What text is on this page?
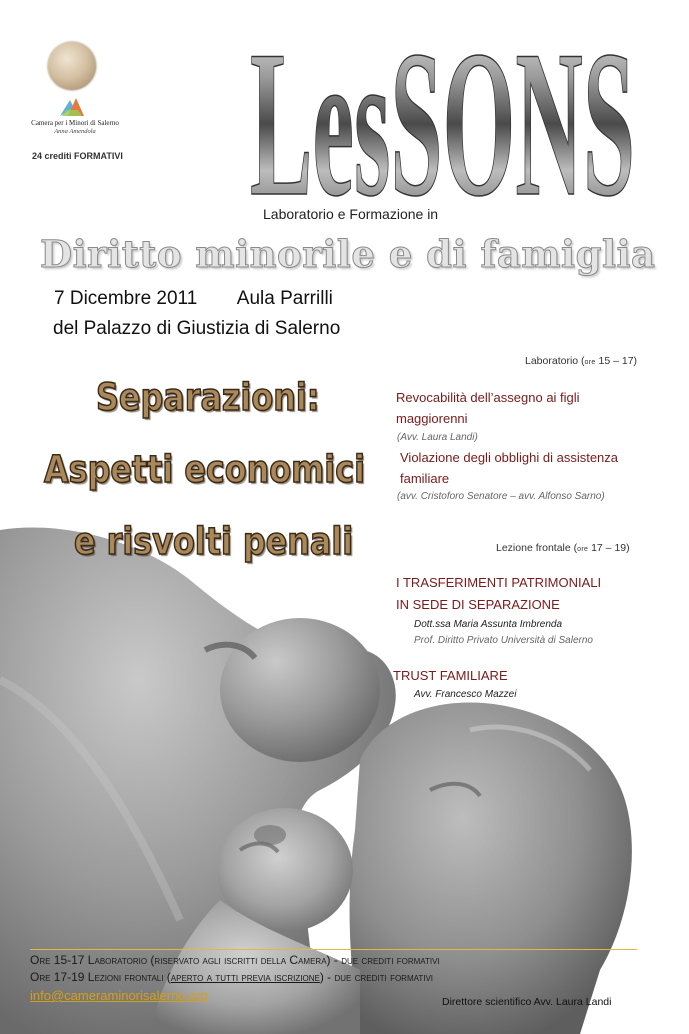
Camera per i Minori di Salerno
Anna Amendola
24 crediti FORMATIVI LesSONS
Laboratorio e Formazione in
Diritto minorile e di famiglia
7 Dicembre 2011 Aula Parrilli
del Palazzo di Giustizia di Salerno
Separazioni:
Aspetti economici
e risvolti penali
Laboratorio (ore 15 – 17)
Revocabilità dell’assegno ai figli
maggiorenni
(Avv. Laura Landi)
Violazione degli obblighi di assistenza
familiare
(avv. Cristoforo Senatore – avv. Alfonso Sarno)
Lezione frontale (ore 17 – 19)
I TRASFERIMENTI PATRIMONIALI
IN SEDE DI SEPARAZIONE
Dott.ssa Maria Assunta Imbrenda
Prof. Diritto Privato Università di Salerno
TRUST FAMILIARE
Avv. Francesco Mazzei
Ore 15-17 Laboratorio (riservato agli iscritti della Camera) - due crediti formativi
Ore 17-19 Lezioni frontali (aperto a tutti previa iscrizione) - due crediti formativi
info@cameraminorisalerno.org	Direttore scientifico Avv. Laura Landi
